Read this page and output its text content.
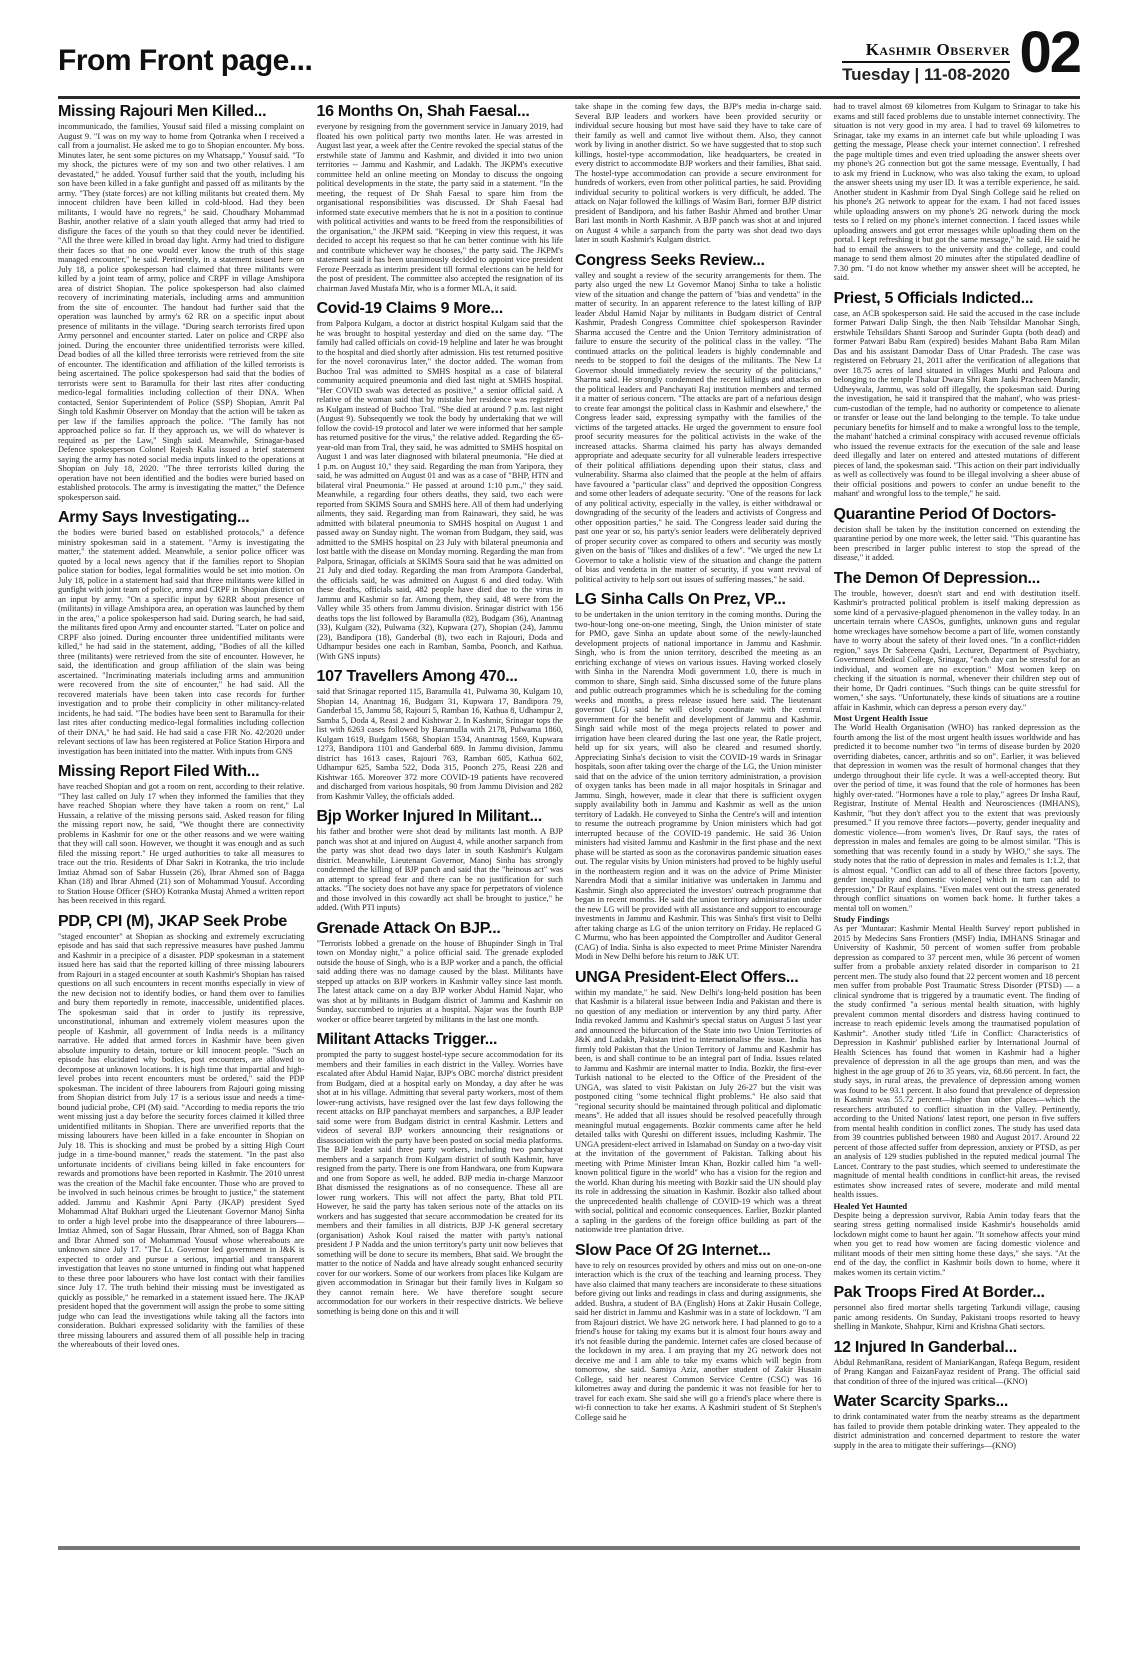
From Front page...	Kashmir Observer
Tuesday | 11-08-2020 02
Missing Rajouri Men Killed...

incommunicado, the families, Yousuf said filed a missing complaint on August 9. "I was on my way to home from Qotranka when I received a call from a journalist. He asked me to go to Shopian encounter. My boss. Minutes later, he sent some pictures on my Whatsapp," Yousuf said. "To my shock, the pictures were of my son and two other relatives. I am devastated," he added. Yousuf further said that the youth, including his son have been killed in a fake gunfight and passed off as militants by the army. "They (state forces) are not killing militants but created them. My innocent children have been killed in cold-blood. Had they been militants, I would have no regrets," he said. Choudhary Mohammad Bashir, another relative of a slain youth alleged that army had tried to disfigure the faces of the youth so that they could never be identified. "All the three were killed in broad day light. Army had tried to disfigure their faces so that no one would ever know the truth of this stage managed encounter," he said. Pertinently, in a statement issued here on July 18, a police spokesperson had claimed that three militants were killed by a joint team of army, police and CRPF in village Amshipora area of district Shopian. The police spokesperson had also claimed recovery of incriminating materials, including arms and ammunition from the site of encounter. The handout had further said that the operation was launched by army's 62 RR on a specific input about presence of militants in the village. "During search terrorists fired upon Army personnel and encounter started. Later on police and CRPF also joined. During the encounter three unidentified terrorists were killed. Dead bodies of all the killed three terrorists were retrieved from the site of encounter. The identification and affiliation of the killed terrorists is being ascertained. The police spokesperson had said that the bodies of terrorists were sent to Baramulla for their last rites after conducting medico-legal formalities including collection of their DNA. When contacted, Senior Superintendent of Police (SSP) Shopian, Amrit Pal Singh told Kashmir Observer on Monday that the action will be taken as per law if the families approach the police. "The family has not approached police so far. If they approach us, we will do whatever is required as per the Law," Singh said. Meanwhile, Srinagar-based Defence spokesperson Colonel Rajesh Kalia issued a brief statement saying the army has noted social media inputs linked to the operations at Shopian on July 18, 2020. "The three terrorists killed during the operation have not been identified and the bodies were buried based on established protocols. The army is investigating the matter," the Defence spokesperson said.

Army Says Investigating...

the bodies were buried based on established protocols," a defence ministry spokesman said in a statement. "Army is investigating the matter," the statement added. Meanwhile, a senior police officer was quoted by a local news agency that if the families report to Shopian police station for bodies, legal formalities would be set into motion. On July 18, police in a statement had said that three militants were killed in gunfight with joint team of police, army and CRPF in Shopian district on an input by army. "On a specific input by 62RR about presence of (militants) in village Amshipora area, an operation was launched by them in the area," a police spokesperson had said. During search, he had said, the militants fired upon Army and encounter started. "Later on police and CRPF also joined. During encounter three unidentified militants were killed," he had said in the statement, adding, "Bodies of all the killed three (militants) were retrieved from the site of encounter. However, he said, the identification and group affiliation of the slain was being ascertained. "Incriminating materials including arms and ammunition were recovered from the site of encounter," he had said. All the recovered materials have been taken into case records for further investigation and to probe their complicity in other militancy-related incidents, he had said. "The bodies have been sent to Baramulla for their last rites after conducting medico-legal formalities including collection of their DNA," he had said. He had said a case FIR No. 42/2020 under relevant sections of law has been registered at Police Station Hirpora and investigation has been initiated into the matter. With inputs from GNS

Missing Report Filed With...

have reached Shopian and got a room on rent, according to their relative. "They last called on July 17 when they informed the families that they have reached Shopian where they have taken a room on rent," Lal Hussain, a relative of the missing persons said. Asked reason for filing the missing report now, he said, "We thought there are connectivity problems in Kashmir for one or the other reasons and we were waiting that they will call soon. However, we thought it was enough and as such filed the missing report." He urged authorities to take all measures to trace out the trio. Residents of Dhar Sakri in Kotranka, the trio include Imtiaz Ahmad son of Sabar Hussein (26), Ibrar Ahmed son of Bagga Khan (18) and Ibrar Ahmed (21) son of Mohammad Yousuf. According to Station House Officer (SHO) Kotranka Mustaj Ahmed a written report has been received in this regard.

PDP, CPI (M), JKAP Seek Probe

"staged encounter" at Shopian as shocking and extremely excruciating episode and has said that such repressive measures have pushed Jammu and Kashmir in a precipice of a disaster. PDP spokesman in a statement issued here has said that the reported killing of three missing labourers from Rajouri in a staged encounter at south Kashmir's Shopian has raised questions on all such encounters in recent months especially in view of the new decision not to identify bodies, or hand them over to families and bury them reportedly in remote, inaccessible, unidentified places. The spokesman said that in order to justify its repressive, unconstitutional, inhuman and extremely violent measures upon the people of Kashmir, all government of India needs is a militancy narrative. He added that armed forces in Kashmir have been given absolute impunity to detain, torture or kill innocent people. "Such an episode has elucidated why bodies, post encounters, are allowed to decompose at unknown locations. It is high time that impartial and high-level probes into recent encounters must be ordered," said the PDP spokesman. The incident of three labourers from Rajouri going missing from Shopian district from July 17 is a serious issue and needs a time-bound judicial probe, CPI (M) said. "According to media reports the trio went missing just a day before the security forces claimed it killed three unidentified militants in Shopian. There are unverified reports that the missing labourers have been killed in a fake encounter in Shopian on July 18. This is shocking and must be probed by a sitting High Court judge in a time-bound manner," reads the statement. "In the past also unfortunate incidents of civilians being killed in fake encounters for rewards and promotions have been reported in Kashmir. The 2010 unrest was the creation of the Machil fake encounter. Those who are proved to be involved in such heinous crimes be brought to justice," the statement added. Jammu and Kashmir Apni Party (JKAP) president Syed Mohammad Altaf Bukhari urged the Lieutenant Governor Manoj Sinha to order a high level probe into the disappearance of three labourers—Imtiaz Ahmed, son of Sagar Hussain, Ibrar Ahmed, son of Bagga Khan and Ibrar Ahmed son of Mohammad Yousuf whose whereabouts are unknown since July 17. "The Lt. Governor led government in J&K is expected to order and pursue a serious, impartial and transparent investigation that leaves no stone unturned in finding out what happened to these three poor labourers who have lost contact with their families since July 17. The truth behind their missing must be investigated as quickly as possible," he remarked in a statement issued here. The JKAP president hoped that the government will assign the probe to some sitting judge who can lead the investigations while taking all the factors into consideration. Bukhari expressed solidarity with the families of these three missing labourers and assured them of all possible help in tracing the whereabouts of their loved ones.

16 Months On, Shah Faesal...

everyone by resigning from the government service in January 2019, had floated his own political party two months later. He was arrested in August last year, a week after the Centre revoked the special status of the erstwhile state of Jammu and Kashmir, and divided it into two union territories -- Jammu and Kashmir, and Ladakh. The JKPM's executive committee held an online meeting on Monday to discuss the ongoing political developments in the state, the party said in a statement. "In the meeting, the request of Dr Shah Faesal to spare him from the organisational responsibilities was discussed. Dr Shah Faesal had informed state executive members that he is not in a position to continue with political activities and wants to be freed from the responsibilities of the organisation," the JKPM said. "Keeping in view this request, it was decided to accept his request so that he can better continue with his life and contribute whichever way he chooses," the party said. The JKPM's statement said it has been unanimously decided to appoint vice president Feroze Peerzada as interim president till formal elections can be held for the post of president. The committee also accepted the resignation of its chairman Javed Mustafa Mir, who is a former MLA, it said.

Covid-19 Claims 9 More...

from Palpora Kulgam, a doctor at district hospital Kulgam said that the he was brought to hospital yesterday and died on the same day. "The family had called officials on covid-19 helpline and later he was brought to the hospital and died shortly after admission. His test returned positive for the novel coronavirus later," the doctor added. The woman from Buchoo Tral was admitted to SMHS hospital as a case of bilateral community acquired pneumonia and died last night at SMHS hospital. "Her COVID swab was detected as positive," a senior official said. A relative of the woman said that by mistake her residence was registered as Kulgam instead of Buchoo Tral. "She died at around 7 p.m. last night (August 9). Subsequently we took the body by undertaking that we will follow the covid-19 protocol and later we were informed that her sample has returned positive for the virus," the relative added. Regarding the 65-year-old man from Tral, they said, he was admitted to SMHS hospital on August 1 and was later diagnosed with bilateral pneumonia. "He died at 1 p.m. on August 10," they said. Regarding the man from Yaripora, they said, he was admitted on August 01 and was as a case of "BHP, HTN and bilateral viral Pneumonia." He passed at around 1:10 p.m.," they said. Meanwhile, a regarding four others deaths, they said, two each were reported from SKIMS Soura and SMHS here. All of them had underlying ailments, they said. Regarding man from Rainawari, they said, he was admitted with bilateral pneumonia to SMHS hospital on August 1 and passed away on Sunday night. The woman from Budgam, they said, was admitted to the SMHS hospital on 23 July with bilateral pneumonia and lost battle with the disease on Monday morning. Regarding the man from Palpora, Srinagar, officials at SKIMS Soura said that he was admitted on 21 July and died today. Regarding the man from Arampora Ganderbal, the officials said, he was admitted on August 6 and died today. With these deaths, officials said, 482 people have died due to the virus in Jammu and Kashmir so far. Among them, they said, 48 were from the Valley while 35 others from Jammu division. Srinagar district with 156 deaths tops the list followed by Baramulla (82), Budgam (36), Anantnag (33), Kulgam (32), Pulwama (32), Kupwara (27), Shopian (24), Jammu (23), Bandipora (18), Ganderbal (8), two each in Rajouri, Doda and Udhampur besides one each in Ramban, Samba, Poonch, and Kathua. (With GNS inputs)

107 Travellers Among 470...

said that Srinagar reported 115, Baramulla 41, Pulwama 30, Kulgam 10, Shopian 14, Anantnag 16, Budgam 31, Kupwara 17, Bandipora 79, Ganderbal 15, Jammu 58, Rajouri 5, Ramban 16, Kathua 8, Udhampur 2, Samba 5, Doda 4, Reasi 2 and Kishtwar 2. In Kashmir, Srinagar tops the list with 6263 cases followed by Baramulla with 2178, Pulwama 1860, Kulgam 1619, Budgam 1568, Shopian 1534, Anantnag 1569, Kupwara 1273, Bandipora 1101 and Ganderbal 689. In Jammu division, Jammu district has 1613 cases, Rajouri 763, Ramban 605, Kathua 602, Udhampur 625, Samba 522, Doda 315, Poonch 275, Reasi 228 and Kishtwar 165. Moreover 372 more COVID-19 patients have recovered and discharged from various hospitals, 90 from Jammu Division and 282 from Kashmir Valley, the officials added.

Bjp Worker Injured In Militant...

his father and brother were shot dead by militants last month. A BJP panch was shot at and injured on August 4, while another sarpanch from the party was shot dead two days later in south Kashmir's Kulgam district. Meanwhile, Lieutenant Governor, Manoj Sinha has strongly condemned the killing of BJP panch and said that the "heinous act" was an attempt to spread fear and there can be no justification for such attacks. "The society does not have any space for perpetrators of violence and those involved in this cowardly act shall be brought to justice," he added. (With PTI inputs)

Grenade Attack On BJP...

"Terrorists lobbed a grenade on the house of Bhupinder Singh in Tral town on Monday night," a police official said. The grenade exploded outside the house of Singh, who is a BJP worker and a panch, the official said adding there was no damage caused by the blast. Militants have stepped up attacks on BJP workers in Kashmir valley since last month. The latest attack came on a day BJP worker Abdul Hamid Najar, who was shot at by militants in Budgam district of Jammu and Kashmir on Sunday, succumbed to injuries at a hospital. Najar was the fourth BJP worker or office bearer targeted by militants in the last one month.

Militant Attacks Trigger...

prompted the party to suggest hostel-type secure accommodation for its members and their families in each district in the Valley. Worries have escalated after Abdul Hamid Najar, BJP's OBC morcha' district president from Budgam, died at a hospital early on Monday, a day after he was shot at in his village. Admitting that several party workers, most of them lower-rung activists, have resigned over the last few days following the recent attacks on BJP panchayat members and sarpanches, a BJP leader said some were from Budgam district in central Kashmir. Letters and videos of several BJP workers announcing their resignations or disassociation with the party have been posted on social media platforms. The BJP leader said three party workers, including two panchayat members and a sarpanch from Kulgam district of south Kashmir, have resigned from the party. There is one from Handwara, one from Kupwara and one from Sopore as well, he added. BJP media in-charge Manzoor Bhat dismissed the resignations as of no consequence. These all are lower rung workers. This will not affect the party, Bhat told PTI. However, he said the party has taken serious note of the attacks on its workers and has suggested that secure accommodation be created for its members and their families in all districts. BJP J-K general secretary (organisation) Ashok Koul raised the matter with party's national president J P Nadda and the union territory's party unit now believes that something will be done to secure its members, Bhat said. We brought the matter to the notice of Nadda and have already sought enhanced security cover for our workers. Some of our workers from places like Kulgam are given accommodation in Srinagar but their family lives in Kulgam so they cannot remain here. We have therefore sought secure accommodation for our workers in their respective districts. We believe something is being done on this and it will

take shape in the coming few days, the BJP's media in-charge said. Several BJP leaders and workers have been provided security or individual secure housing but most have said they have to take care of their family as well and cannot live without them. Also, they cannot work by living in another district. So we have suggested that to stop such killings, hostel-type accommodation, like headquarters, be created in every district to accommodate BJP workers and their families, Bhat said. The hostel-type accommodation can provide a secure environment for hundreds of workers, even from other political parties, he said. Providing individual security to political workers is very difficult, he added. The attack on Najar followed the killings of Wasim Bari, former BJP district president of Bandipora, and his father Bashir Ahmed and brother Umar Bari last month in North Kashmir. A BJP panch was shot at and injured on August 4 while a sarpanch from the party was shot dead two days later in south Kashmir's Kulgam district.

Congress Seeks Review...

valley and sought a review of the security arrangements for them. The party also urged the new Lt Governor Manoj Sinha to take a holistic view of the situation and change the pattern of "bias and vendetta" in the matter of security. In an apparent reference to the latest killing of BJP leader Abdul Hamid Najar by militants in Budgam district of Central Kashmir, Pradesh Congress Committee chief spokesperson Ravinder Sharma accused the Centre and the Union Territory administration of failure to ensure the security of the political class in the valley. "The continued attacks on the political leaders is highly condemnable and needs to be stopped to foil the designs of the militants. The New Lt Governor should immediately review the security of the politicians," Sharma said. He strongly condemned the recent killings and attacks on the political leaders and Panchayati Raj institution members and termed it a matter of serious concern. "The attacks are part of a nefarious design to create fear amongst the political class in Kashmir and elsewhere," the Congress leader said, expressing sympathy with the families of the victims of the targeted attacks. He urged the government to ensure fool proof security measures for the political activists in the wake of the increased attacks. Sharma claimed his party has always demanded appropriate and adequate security for all vulnerable leaders irrespective of their political affiliations depending upon their status, class and vulnerability. Sharma also claimed that the people at the helm of affairs have favoured a "particular class" and deprived the opposition Congress and some other leaders of adequate security. "One of the reasons for lack of any political activity, especially in the valley, is either withdrawal or downgrading of the security of the leaders and activists of Congress and other opposition parties," he said. The Congress leader said during the past one year or so, his party's senior leaders were deliberately deprived of proper security cover as compared to others and security was mostly given on the basis of "likes and dislikes of a few". "We urged the new Lt Governor to take a holistic view of the situation and change the pattern of bias and vendetta in the matter of security, if you want revival of political activity to help sort out issues of suffering masses," he said.

LG Sinha Calls On Prez, VP...

to be undertaken in the union territory in the coming months. During the two-hour-long one-on-one meeting, Singh, the Union minister of state for PMO, gave Sinha an update about some of the newly-launched development projects of national importance in Jammu and Kashmir. Singh, who is from the union territory, described the meeting as an enriching exchange of views on various issues. Having worked closely with Sinha in the Narendra Modi government 1.0, there is much in common to share, Singh said. Sinha discussed some of the future plans and public outreach programmes which he is scheduling for the coming weeks and months, a press release issued here said. The lieutenant governor (LG) said he will closely coordinate with the central government for the benefit and development of Jammu and Kashmir. Singh said while most of the mega projects related to power and irrigation have been cleared during the last one year, the Ratle project, held up for six years, will also be cleared and resumed shortly. Appreciating Sinha's decision to visit the COVID-19 wards in Srinagar hospitals, soon after taking over the charge of the LG, the Union minister said that on the advice of the union territory administration, a provision of oxygen tanks has been made in all major hospitals in Srinagar and Jammu. Singh, however, made it clear that there is sufficient oxygen supply availability both in Jammu and Kashmir as well as the union territory of Ladakh. He conveyed to Sinha the Centre's will and intention to resume the outreach programme by Union ministers which had got interrupted because of the COVID-19 pandemic. He said 36 Union ministers had visited Jammu and Kashmir in the first phase and the next phase will be started as soon as the coronavirus pandemic situation eases out. The regular visits by Union ministers had proved to be highly useful in the northeastern region and it was on the advice of Prime Minister Narendra Modi that a similar initiative was undertaken in Jammu and Kashmir. Singh also appreciated the investors' outreach programme that began in recent months. He said the union territory administration under the new LG will be provided with all assistance and support to encourage investments in Jammu and Kashmir. This was Sinha's first visit to Delhi after taking charge as LG of the union territory on Friday. He replaced G C Murmu, who has been appointed the Comptroller and Auditor General (CAG) of India. Sinha is also expected to meet Prime Minister Narendra Modi in New Delhi before his return to J&K UT.

UNGA President-Elect Offers...

within my mandate," he said. New Delhi's long-held position has been that Kashmir is a bilateral issue between India and Pakistan and there is no question of any mediation or intervention by any third party. After India revoked Jammu and Kashmir's special status on August 5 last year and announced the bifurcation of the State into two Union Territories of J&K and Ladakh, Pakistan tried to internationalise the issue. India has firmly told Pakistan that the Union Territory of Jammu and Kashmir has been, is and shall continue to be an integral part of India. Issues related to Jammu and Kashmir are internal matter to India. Bozkir, the first-ever Turkish national to be elected to the Office of the President of the UNGA, was slated to visit Pakistan on July 26-27 but the visit was postponed citing "some technical flight problems." He also said that "regional security should be maintained through political and diplomatic means". He added that all issues should be resolved peacefully through meaningful mutual engagements. Bozkir comments came after he held detailed talks with Qureshi on different issues, including Kashmir. The UNGA president-elect arrived in Islamabad on Sunday on a two-day visit at the invitation of the government of Pakistan. Talking about his meeting with Prime Minister Imran Khan, Bozkir called him "a well-known political figure in the world" who has a vision for the region and the world. Khan during his meeting with Bozkir said the UN should play its role in addressing the situation in Kashmir. Bozkir also talked about the unprecedented health challenge of COVID-19 which was a threat with social, political and economic consequences. Earlier, Bozkir planted a sapling in the gardens of the foreign office building as part of the nationwide tree plantation drive.

Slow Pace Of 2G Internet...

have to rely on resources provided by others and miss out on one-on-one interaction which is the crux of the teaching and learning process. They have also claimed that many teachers are inconsiderate to these situations before giving out links and readings in class and during assignments, she added. Bushra, a student of BA (English) Hons at Zakir Husain College, said her district in Jammu and Kashmir was in a state of lockdown. "I am from Rajouri district. We have 2G network here. I had planned to go to a friend's house for taking my exams but it is almost four hours away and it's not feasible during the pandemic. Internet cafes are closed because of the lockdown in my area. I am praying that my 2G network does not deceive me and I am able to take my exams which will begin from tomorrow, she said. Samiya Aziz, another student of Zakir Husain College, said her nearest Common Service Centre (CSC) was 16 kilometres away and during the pandemic it was not feasible for her to travel for each exam. She said she will go a friend's place where there is wi-fi connection to take her exams. A Kashmiri student of St Stephen's College said he

had to travel almost 69 kilometres from Kulgam to Srinagar to take his exams and still faced problems due to unstable internet connectivity. The situation is not very good in my area. I had to travel 69 kilometres to Srinagar, take my exams in an internet cafe but while uploading I was getting the message, Please check your internet connection'. I refreshed the page multiple times and even tried uploading the answer sheets over my phone's 2G connection but got the same message. Eventually, I had to ask my friend in Lucknow, who was also taking the exam, to upload the answer sheets using my user ID. It was a terrible experience, he said. Another student in Kashmir from Dyal Singh College said he relied on his phone's 2G network to appear for the exam. I had not faced issues while uploading answers on my phone's 2G network during the mock tests so I relied on my phone's internet connection. I faced issues while uploading answers and got error messages while uploading them on the portal. I kept refreshing it but got the same message," he said. He said he had to email the answers to the university and the college, and could manage to send them almost 20 minutes after the stipulated deadline of 7.30 pm. "I do not know whether my answer sheet will be accepted, he said.

Priest, 5 Officials Indicted...

case, an ACB spokesperson said. He said the accused in the case include former Patwari Dalip Singh, the then Naib Tehsildar Manohar Singh, erstwhile Tehsildars Shanti Saroop and Surinder Gupta (both dead) and former Patwari Babu Ram (expired) besides Mahant Baba Ram Milan Das and his assistant Damodar Dass of Uttar Pradesh. The case was registered on February 21, 2011 after the verification of allegations that over 18.75 acres of land situated in villages Muthi and Paloura and belonging to the temple Thakur Dwara Shri Ram Janki Pracheen Mandir, Udheywala, Jammu, was sold off illegally, the spokesman said. During the investigation, he said it transpired that the mahant', who was priest-cum-custodian of the temple, had no authority or competence to alienate or transfer or lease out the land belonging to the temple. To take undue pecuniary benefits for himself and to make a wrongful loss to the temple, the mahant' hatched a criminal conspiracy with accused revenue officials who issued the revenue extracts for the execution of the sale and lease deed illegally and later on entered and attested mutations of different pieces of land, the spokesman said. "This action on their part individually as well as collectively was found to be illegal involving a sheer abuse of their official positions and powers to confer an undue benefit to the mahant' and wrongful loss to the temple," he said.

Quarantine Period Of Doctors-

decision shall be taken by the institution concerned on extending the quarantine period by one more week, the letter said. "This quarantine has been prescribed in larger public interest to stop the spread of the disease," it added.

The Demon Of Depression...

The trouble, however, doesn't start and end with destitution itself. Kashmir's protracted political problem is itself making depression as some kind of a pervasive-plagued phenomenon in the valley today. In an uncertain terrain where CASOs, gunfights, unknown guns and regular home wreckages have somehow become a part of life, women constantly have to worry about the safety of their loved ones. "In a conflict-ridden region," says Dr Sabreena Qadri, Lecturer, Department of Psychiatry, Government Medical College, Srinagar, "each day can be stressful for an individual, and women are no exception." Most women keep on checking if the situation is normal, whenever their children step out of their home, Dr Qadri continues. "Such things can be quite stressful for women," she says. "Unfortunately, these kinds of situations are a routine affair in Kashmir, which can depress a person every day."

Most Urgent Health Issue

The World Health Organisation (WHO) has ranked depression as the fourth among the list of the most urgent health issues worldwide and has predicted it to become number two "in terms of disease burden by 2020 overriding diabetes, cancer, arthritis and so on". Earlier, it was believed that depression in women was the result of hormonal changes that they undergo throughout their life cycle. It was a well-accepted theory. But over the period of time, it was found that the role of hormones has been highly over-rated. "Hormones have a role to play," agrees Dr Insha Rauf, Registrar, Institute of Mental Health and Neurosciences (IMHANS), Kashmir, "but they don't affect you to the extent that was previously presumed." If you remove three factors—poverty, gender inequality and domestic violence—from women's lives, Dr Rauf says, the rates of depression in males and females are going to be almost similar. "This is something that was recently found in a study by WHO," she says. The study notes that the ratio of depression in males and females is 1:1.2, that is almost equal. "Conflict can add to all of these three factors [poverty, gender inequality and domestic violence] which in turn can add to depression," Dr Rauf explains. "Even males vent out the stress generated through conflict situations on women back home. It further takes a mental toll on women."

Study Findings

As per 'Muntazar: Kashmir Mental Health Survey' report published in 2015 by Medecins Sans Frontiers (MSF) India, IMHANS Srinagar and University of Kashmir, 50 percent of women suffer from probable depression as compared to 37 percent men, while 36 percent of women suffer from a probable anxiety related disorder in comparison to 21 percent men. The study also found that 22 percent women and 18 percent men suffer from probable Post Traumatic Stress Disorder (PTSD) — a clinical syndrome that is triggered by a traumatic event. The finding of the study confirmed "a serious mental health situation, with highly prevalent common mental disorders and distress having continued to increase to reach epidemic levels among the traumatised population of Kashmir". Another study titled 'Life in Conflict: Characteristics of Depression in Kashmir' published earlier by International Journal of Health Sciences has found that women in Kashmir had a higher prevalence of depression in all the age groups than men, and was the highest in the age group of 26 to 35 years, viz, 68.66 percent. In fact, the study says, in rural areas, the prevalence of depression among women was found to be 93.1 percent. It also found that prevalence of depression in Kashmir was 55.72 percent—higher than other places—which the researchers attributed to conflict situation in the Valley. Pertinently, according to the United Nations' latest report, one person in five suffers from mental health condition in conflict zones. The study has used data from 39 countries published between 1980 and August 2017. Around 22 percent of those affected suffer from depression, anxiety or PTSD, as per an analysis of 129 studies published in the reputed medical journal The Lancet. Contrary to the past studies, which seemed to underestimate the magnitude of mental health conditions in conflict-hit areas, the revised estimates show increased rates of severe, moderate and mild mental health issues.

Healed Yet Haunted

Despite being a depression survivor, Rabia Amin today fears that the searing stress getting normalised inside Kashmir's households amid lockdown might come to haunt her again. "It somehow affects your mind when you get to read how women are facing domestic violence and militant moods of their men sitting home these days," she says. "At the end of the day, the conflict in Kashmir boils down to home, where it makes women its certain victim."

Pak Troops Fired At Border...

personnel also fired mortar shells targeting Tarkundi village, causing panic among residents. On Sunday, Pakistani troops resorted to heavy shelling in Mankote, Shahpur, Kirni and Krishna Ghati sectors.

12 Injured In Ganderbal...

Abdul RehmanRana, resident of ManiarKangan, Rafeqa Begum, resident of Prang Kangan and FaizanFayaz resident of Prang. The official said that condition of three of the injured was critical—(KNO)

Water Scarcity Sparks...

to drink contaminated water from the nearby streams as the department has failed to provide them potable drinking water. They appealed to the district administration and concerned department to restore the water supply in the area to mitigate their sufferings—(KNO)
